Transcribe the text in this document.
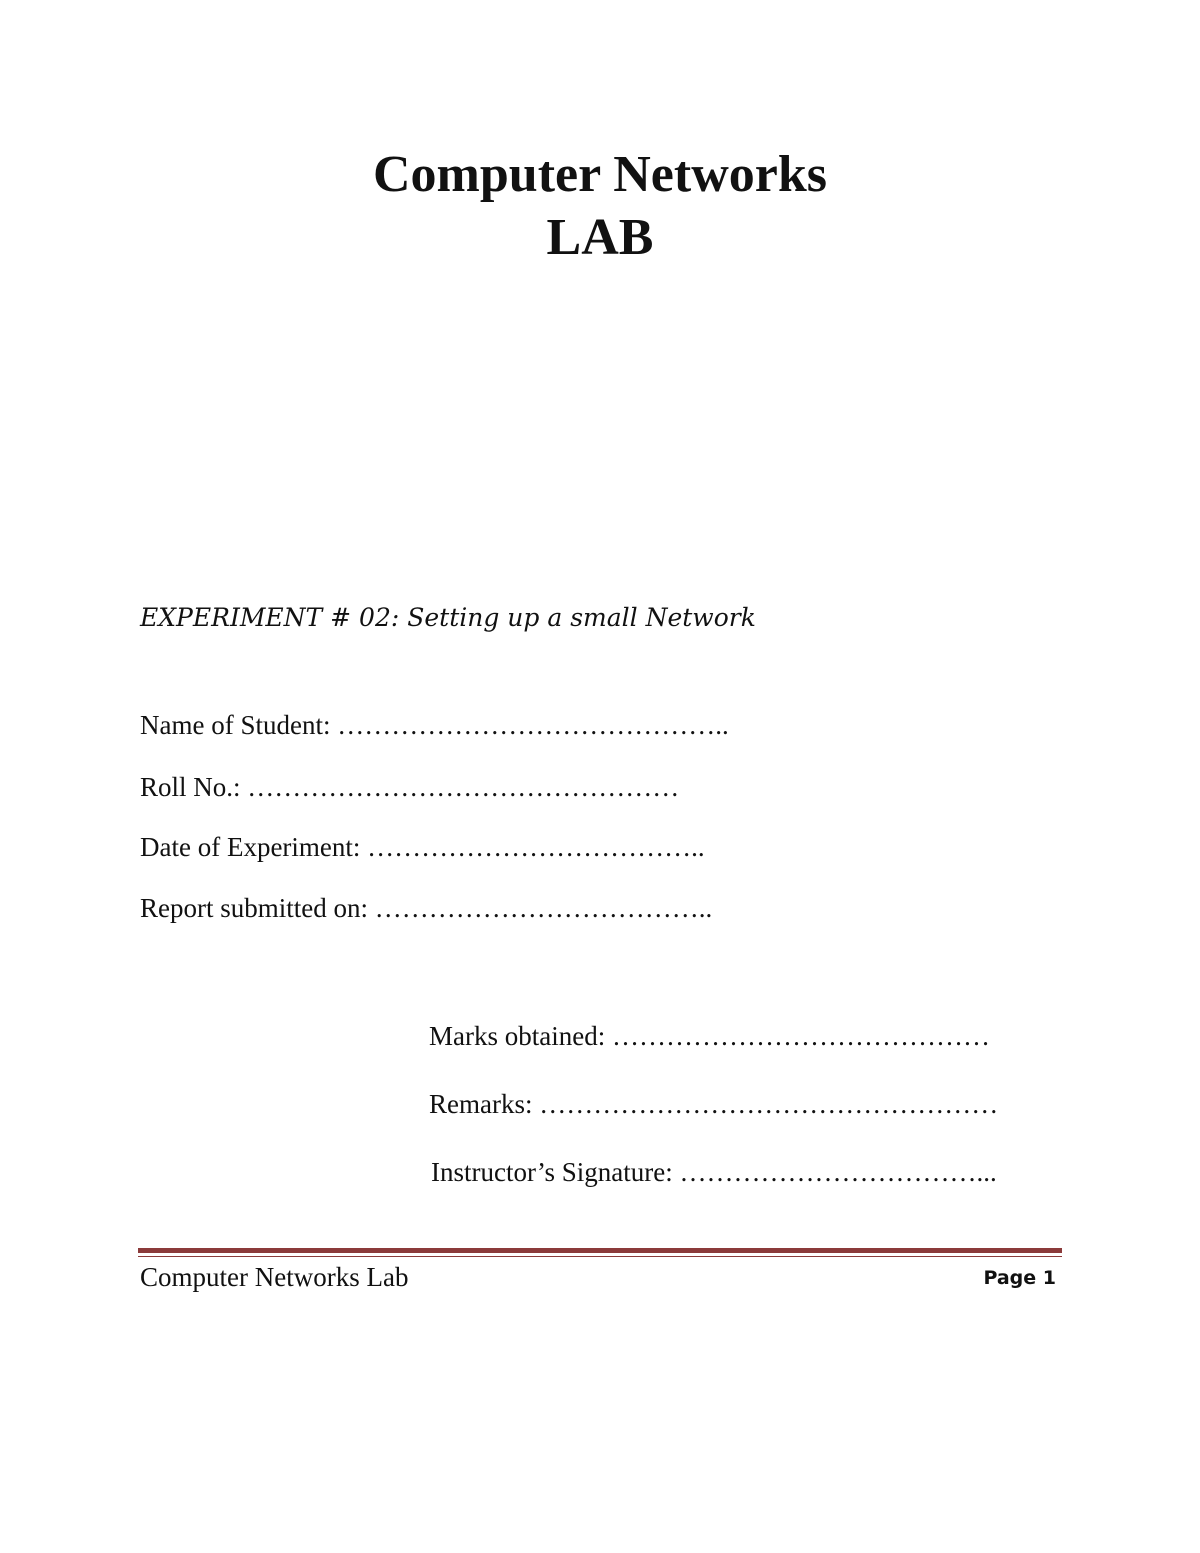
Computer Networks
LAB
EXPERIMENT # 02: Setting up a small Network
Name of Student: ……………………………………..
Roll No.: …………………………………………
Date of Experiment: ………………………………..
Report submitted on: ………………………………..
Marks obtained: ……………………………………
Remarks: ……………………………………………
Instructor’s Signature: ……………………………...
Computer Networks Lab	Page 1
